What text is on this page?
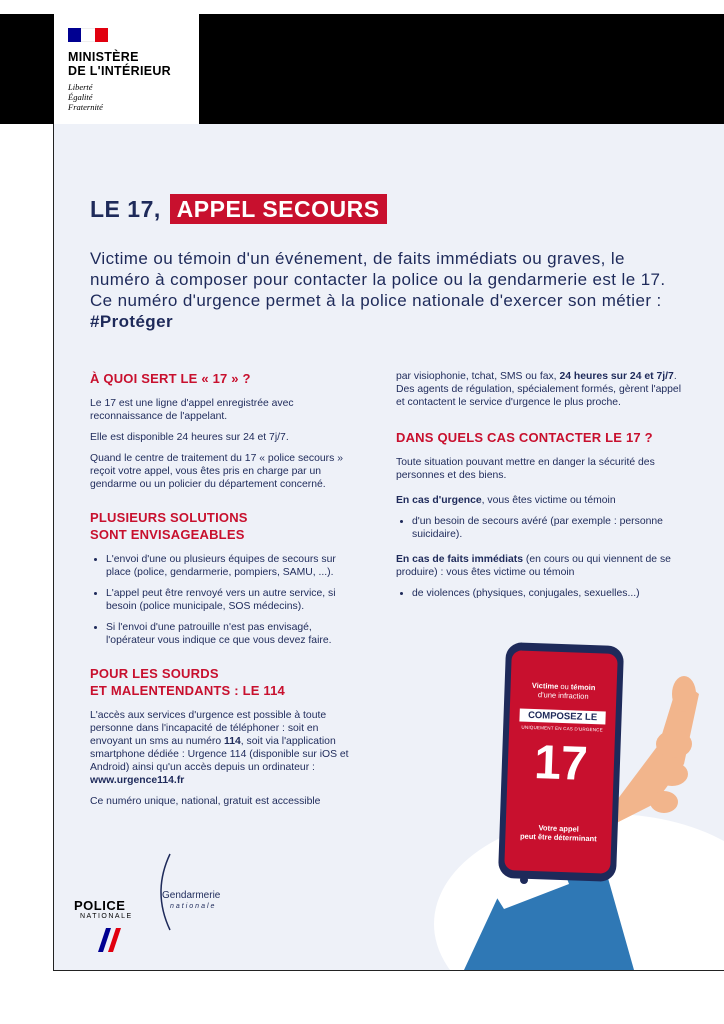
MINISTÈRE
DE L'INTÉRIEUR
Liberté
Égalité
Fraternité
LE 17, APPEL SECOURS
Victime ou témoin d'un événement, de faits immédiats ou graves, le numéro à composer pour contacter la police ou la gendarmerie est le 17. Ce numéro d'urgence permet à la police nationale d'exercer son métier : #Protéger
À QUOI SERT LE « 17 » ?

Le 17 est une ligne d'appel enregistrée avec reconnaissance de l'appelant.

Elle est disponible 24 heures sur 24 et 7j/7.

Quand le centre de traitement du 17 « police secours » reçoit votre appel, vous êtes pris en charge par un gendarme ou un policier du département concerné.

PLUSIEURS SOLUTIONS
SONT ENVISAGEABLES
• L'envoi d'une ou plusieurs équipes de secours sur place (police, gendarmerie, pompiers, SAMU, ...).
• L'appel peut être renvoyé vers un autre service, si besoin (police municipale, SOS médecins).
• Si l'envoi d'une patrouille n'est pas envisagé, l'opérateur vous indique ce que vous devez faire.
POUR LES SOURDS
ET MALENTENDANTS : LE 114

L'accès aux services d'urgence est possible à toute personne dans l'incapacité de téléphoner : soit en envoyant un sms au numéro 114, soit via l'application smartphone dédiée : Urgence 114 (disponible sur iOS et Android) ainsi qu'un accès depuis un ordinateur : www.urgence114.fr

Ce numéro unique, national, gratuit est accessible

par visiophonie, tchat, SMS ou fax, 24 heures sur 24 et 7j/7. Des agents de régulation, spécialement formés, gèrent l'appel et contactent le service d'urgence le plus proche.

DANS QUELS CAS CONTACTER LE 17 ?

Toute situation pouvant mettre en danger la sécurité des personnes et des biens.

En cas d'urgence, vous êtes victime ou témoin

• d'un besoin de secours avéré (par exemple : personne suicidaire).

En cas de faits immédiats (en cours ou qui viennent de se produire) : vous êtes victime ou témoin

• de violences (physiques, conjugales, sexuelles...)
Victime ou témoin
d'une infraction
COMPOSEZ LE
UNIQUEMENT EN CAS D'URGENCE
17
Votre appel
peut être déterminant
POLICE
NATIONALE
Gendarmerie
nationale
